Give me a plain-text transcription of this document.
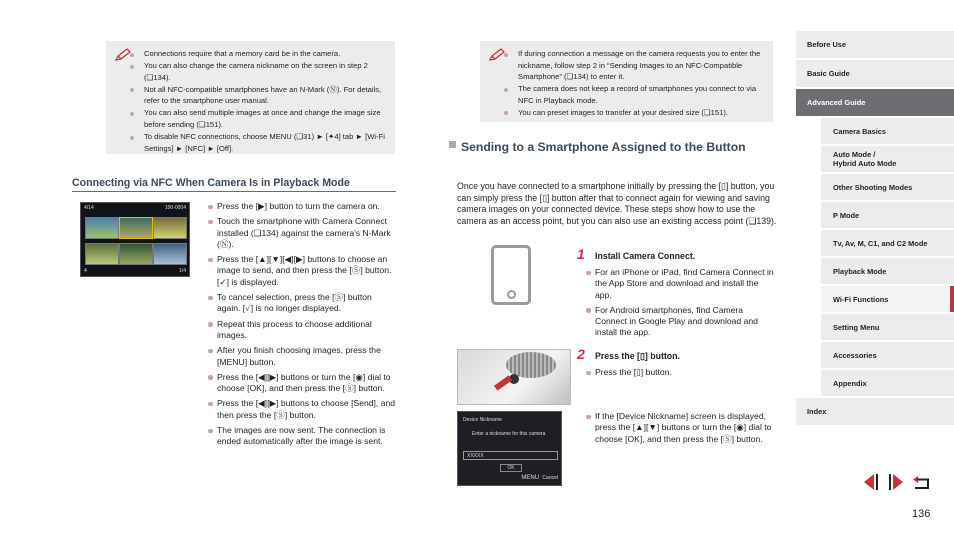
Connections require that a memory card be in the camera.
You can also change the camera nickname on the screen in step 2 (❑134).
Not all NFC-compatible smartphones have an N-Mark (Ⓝ). For details, refer to the smartphone user manual.
You can also send multiple images at once and change the image size before sending (❑151).
To disable NFC connections, choose MENU (❑31) ► [✦4] tab ► [Wi-Fi Settings] ► [NFC] ► [Off].
If during connection a message on the camera requests you to enter the nickname, follow step 2 in “Sending Images to an NFC-Compatible Smartphone” (❑134) to enter it.
The camera does not keep a record of smartphones you connect to via NFC in Playback mode.
You can preset images to transfer at your desired size (❑151).
Connecting via NFC When Camera Is in Playback Mode
4/14	100-0004
4	1/4
Press the [▶] button to turn the camera on.
Touch the smartphone with Camera Connect installed (❑134) against the camera's N-Mark (Ⓝ).
Press the [▲][▼][◀][▶] buttons to choose an image to send, and then press the [Ⓢ] button. [✓] is displayed.
To cancel selection, press the [Ⓢ] button again. [✓] is no longer displayed.
Repeat this process to choose additional images.
After you finish choosing images, press the [MENU] button.
Press the [◀][▶] buttons or turn the [◉] dial to choose [OK], and then press the [Ⓢ] button.
Press the [◀][▶] buttons to choose [Send], and then press the [Ⓢ] button.
The images are now sent. The connection is ended automatically after the image is sent.
Sending to a Smartphone Assigned to the Button

Once you have connected to a smartphone initially by pressing the [▯] button, you can simply press the [▯] button after that to connect again for viewing and saving camera images on your connected device. These steps show how to use the camera as an access point, but you can also use an existing access point (❑139).

1 Install Camera Connect.
For an iPhone or iPad, find Camera Connect in the App Store and download and install the app.
For Android smartphones, find Camera Connect in Google Play and download and install the app.
2 Press the [▯] button.
Press the [▯] button.
Device Nickname
Enter a nickname for this camera
XXXXX
OK
MENU Cancel
If the [Device Nickname] screen is displayed, press the [▲][▼] buttons or turn the [◉] dial to choose [OK], and then press the [Ⓢ] button.
Before Use
Basic Guide
Advanced Guide
Camera Basics
Auto Mode /
Hybrid Auto Mode
Other Shooting Modes
P Mode
Tv, Av, M, C1, and C2 Mode
Playback Mode
Wi-Fi Functions
Setting Menu
Accessories
Appendix
Index
136
